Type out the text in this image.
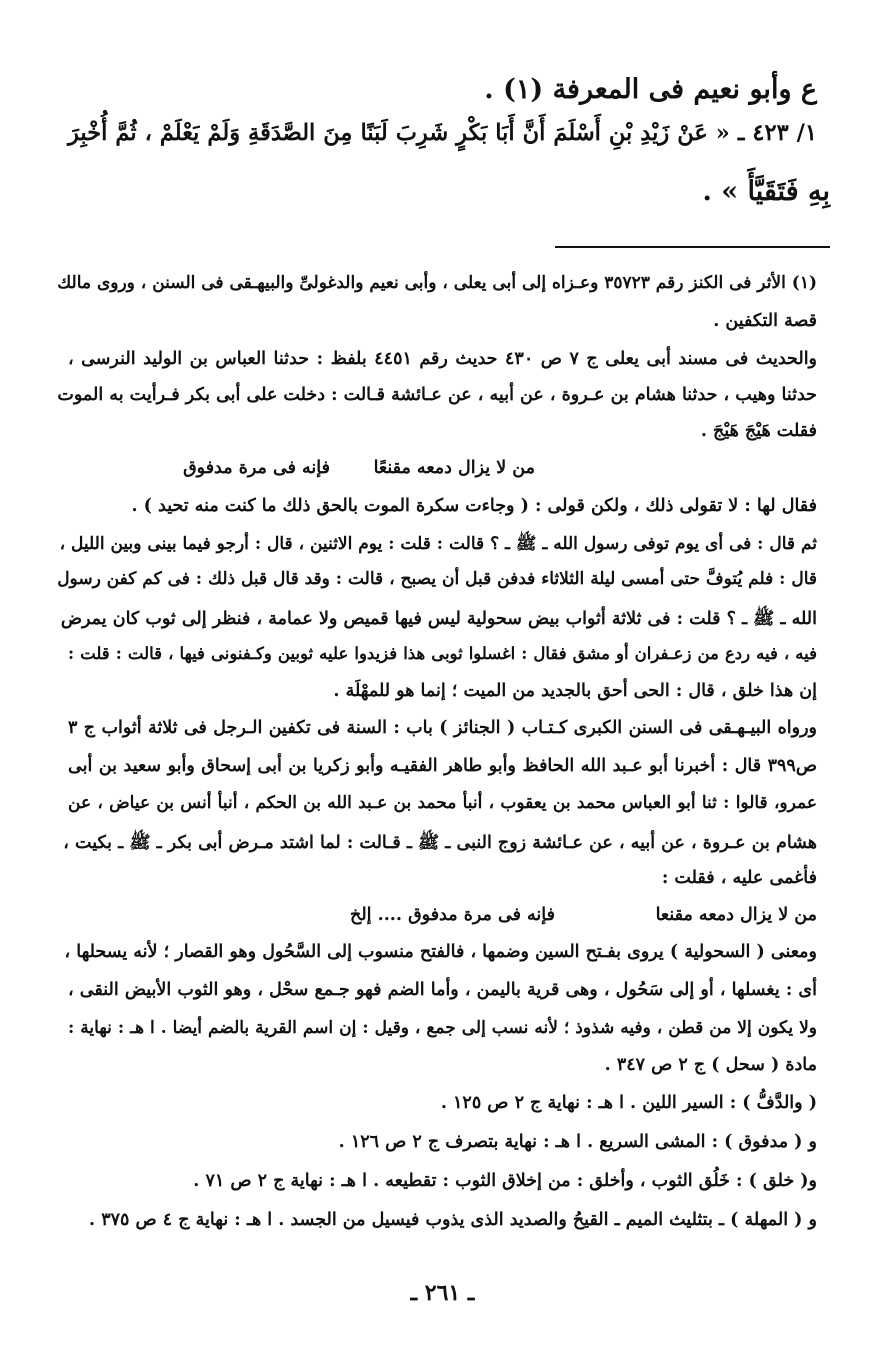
ع وأبو نعيم فى المعرفة (١) .
١/ ٤٢٣ ـ « عَنْ زَيْدِ بْنِ أَسْلَمَ أَنَّ أَبَا بَكْرٍ شَرِبَ لَبَنًا مِنَ الصَّدَقَةِ وَلَمْ يَعْلَمْ ، ثُمَّ أُخْبِرَ
بِهِ فَتَقَيَّأَ » .
(١) الأثر فى الكنز رقم ٣٥٧٢٣ وعـزاه إلى أبى يعلى ، وأبى نعيم والدغولىِّ والبيهـقى فى السنن ، وروى مالك
قصة التكفين .
والحديث فى مسند أبى يعلى ج ٧ ص ٤٣٠ حديث رقم ٤٤٥١ بلفظ : حدثنا العباس بن الوليد النرسى ،
حدثنا وهيب ، حدثنا هشام بن عـروة ، عن أبيه ، عن عـائشة قـالت : دخلت على أبى بكر فـرأيت به الموت
فقلت هَيْجَ هَيْجَ .
من لا يزال دمعه مقنعًا
فإنه فى مرة مدفوق
فقال لها : لا تقولى ذلك ، ولكن قولى : ( وجاءت سكرة الموت بالحق ذلك ما كنت منه تحيد ) .
ثم قال : فى أى يوم توفى رسول الله ـ ﷺ ـ ؟ قالت : قلت : يوم الاثنين ، قال : أرجو فيما بينى وبين الليل ،
قال : فلم يُتوفَّ حتى أمسى ليلة الثلاثاء فدفن قبل أن يصبح ، قالت : وقد قال قبل ذلك : فى كم كفن رسول
الله ـ ﷺ ـ ؟ قلت : فى ثلاثة أثواب بيض سحولية ليس فيها قميص ولا عمامة ، فنظر إلى ثوب كان يمرض
فيه ، فيه ردع من زعـفران أو مشق فقال : اغسلوا ثوبى هذا فزيدوا عليه ثوبين وكـفنونى فيها ، قالت : قلت :
إن هذا خلق ، قال : الحى أحق بالجديد من الميت ؛ إنما هو للمهْلَة .
ورواه البيـهـقى فى السنن الكبرى كـتـاب ( الجنائز ) باب : السنة فى تكفين الـرجل فى ثلاثة أثواب ج ٣
ص٣٩٩ قال : أخبرنا أبو عـبد الله الحافظ وأبو طاهر الفقيـه وأبو زكريا بن أبى إسحاق وأبو سعيد بن أبى
عمرو، قالوا : ثنا أبو العباس محمد بن يعقوب ، أنبأ محمد بن عـبد الله بن الحكم ، أنبأ أنس بن عياض ، عن
هشام بن عـروة ، عن أبيه ، عن عـائشة زوج النبى ـ ﷺ ـ قـالت : لما اشتد مـرض أبى بكر ـ ﷺ ـ بكيت ،
فأغمى عليه ، فقلت :
من لا يزال دمعه مقنعا
فإنه فى مرة مدفوق .... إلخ
ومعنى ( السحولية ) يروى بفـتح السين وضمها ، فالفتح منسوب إلى السَّحُول وهو القصار ؛ لأنه يسحلها ،
أى : يغسلها ، أو إلى سَحُول ، وهى قرية باليمن ، وأما الضم فهو جـمع سحْل ، وهو الثوب الأبيض النقى ،
ولا يكون إلا من قطن ، وفيه شذوذ ؛ لأنه نسب إلى جمع ، وقيل : إن اسم القرية بالضم أيضا . ا هـ : نهاية :
مادة ( سحل ) ج ٢ ص ٣٤٧ .
( والدَّفُّ ) : السير اللين . ا هـ : نهاية ج ٢ ص ١٢٥ .
و ( مدفوق ) : المشى السريع . ا هـ : نهاية بتصرف ج ٢ ص ١٢٦ .
و( خلق ) : خَلُق الثوب ، وأخلق : من إخلاق الثوب : تقطيعه . ا هـ : نهاية ج ٢ ص ٧١ .
و ( المهلة ) ـ بتثليث الميم ـ القيحُ والصديد الذى يذوب فيسيل من الجسد . ا هـ : نهاية ج ٤ ص ٣٧٥ .
ـ ٢٦١ ـ
